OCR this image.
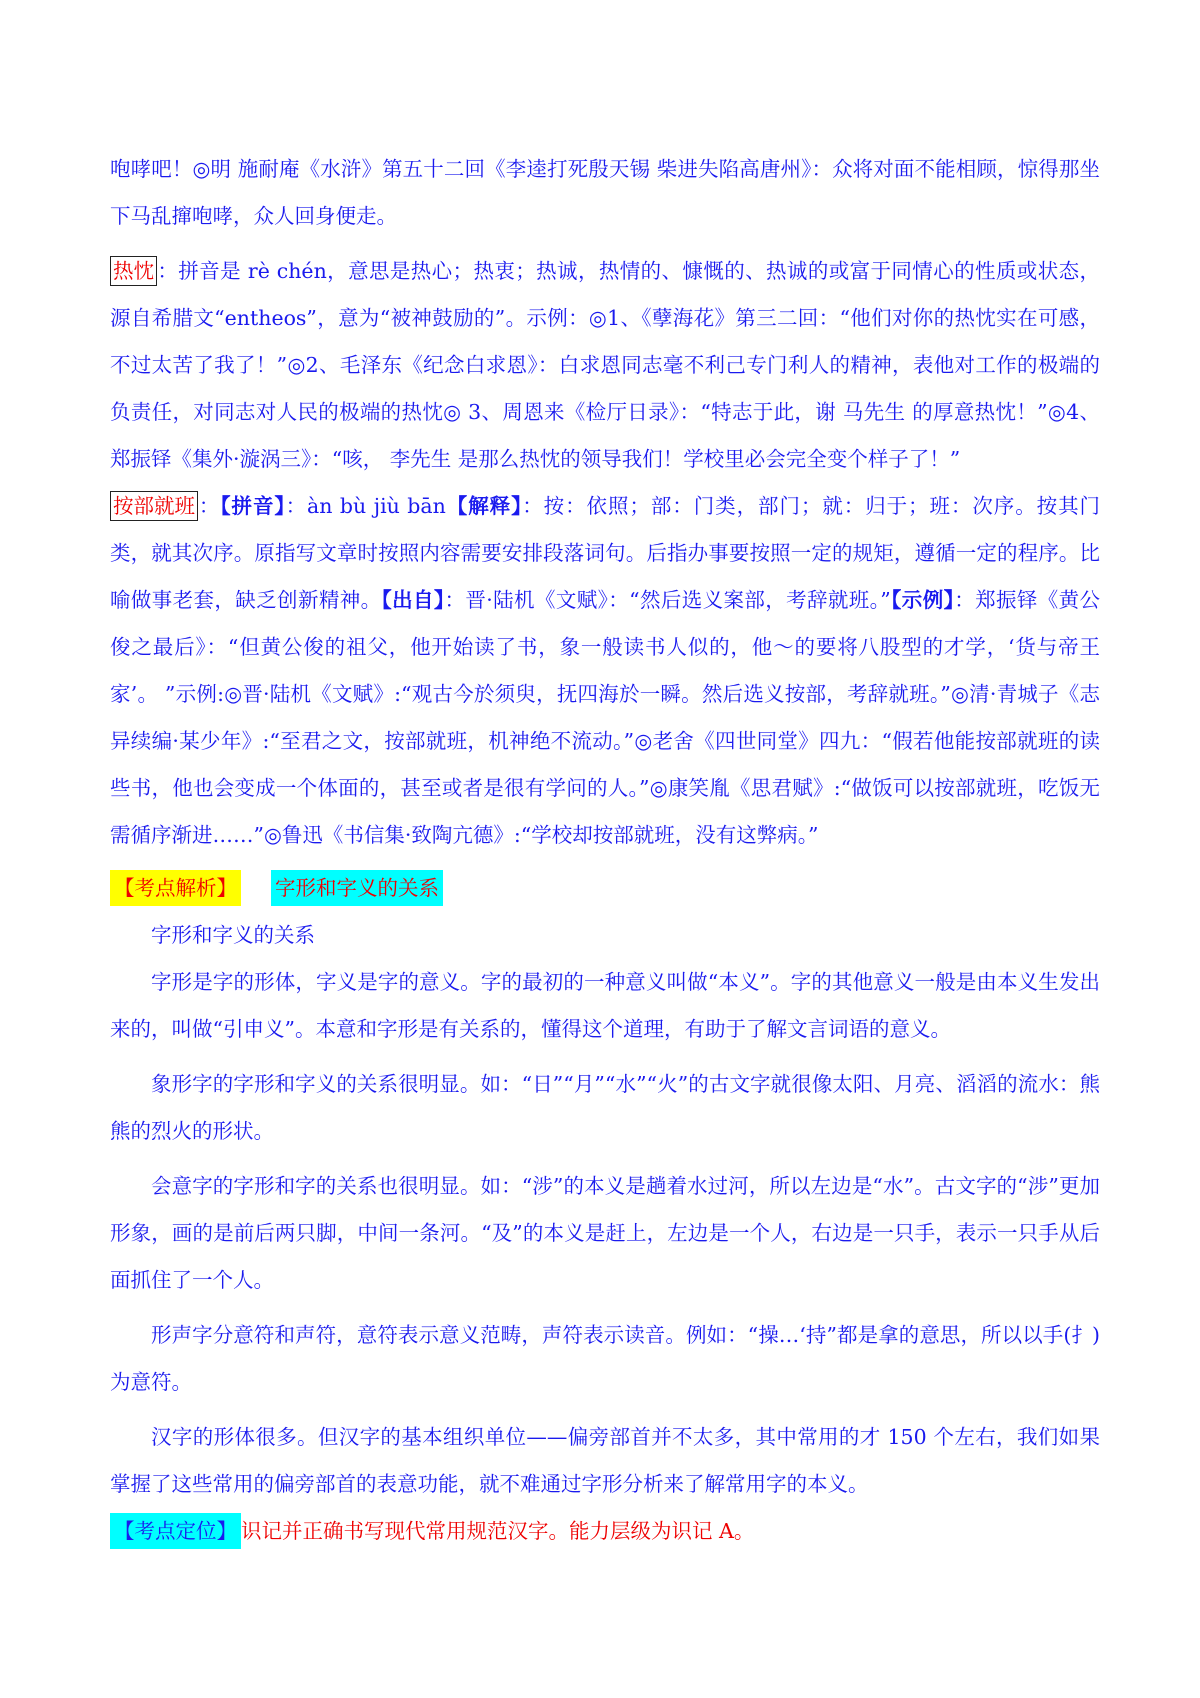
咆哮吧！◎明 施耐庵《水浒》第五十二回《李逵打死殷天锡 柴进失陷高唐州》：众将对面不能相顾，惊得那坐下马乱撺咆哮，众人回身便走。

热忱 ：拼音是 rè chén，意思是热心；热衷；热诚，热情的、慷慨的、热诚的或富于同情心的性质或状态，源自希腊文“entheos”，意为“被神鼓励的”。示例：◎1、《孽海花》第三二回：“他们对你的热忱实在可感，不过太苦了我了！”◎2、毛泽东《纪念白求恩》：白求恩同志毫不利己专门利人的精神，表他对工作的极端的负责任，对同志对人民的极端的热忱◎ 3、周恩来《检厅日录》：“特志于此，谢 马先生 的厚意热忱！”◎4、郑振铎《集外·漩涡三》：“咳， 李先生 是那么热忱的领导我们！学校里必会完全变个样子了！”

按部就班 ：【拼音】：àn bù jiù bān【解释】：按：依照；部：门类，部门；就：归于；班：次序。按其门类，就其次序。原指写文章时按照内容需要安排段落词句。后指办事要按照一定的规矩，遵循一定的程序。比喻做事老套，缺乏创新精神。【出自】：晋·陆机《文赋》：“然后选义案部，考辞就班。”【示例】：郑振铎《黄公俊之最后》：“但黄公俊的祖父，他开始读了书，象一般读书人似的，他～的要将八股型的才学，‘货与帝王家’。 ”示例:◎晋·陆机《文赋》:“观古今於须臾，抚四海於一瞬。然后选义按部，考辞就班。”◎清·青城子《志异续编·某少年》:“至君之文，按部就班，机神绝不流动。”◎老舍《四世同堂》四九：“假若他能按部就班的读些书，他也会变成一个体面的，甚至或者是很有学问的人。”◎康笑胤《思君赋》:“做饭可以按部就班，吃饭无需循序渐进……”◎鲁迅《书信集·致陶亢德》:“学校却按部就班，没有这弊病。”

【考点解析】 字形和字义的关系

字形和字义的关系

字形是字的形体，字义是字的意义。字的最初的一种意义叫做“本义”。字的其他意义一般是由本义生发出来的，叫做“引申义”。本意和字形是有关系的，懂得这个道理，有助于了解文言词语的意义。

象形字的字形和字义的关系很明显。如：“日”“月”“水”“火”的古文字就很像太阳、月亮、滔滔的流水：熊熊的烈火的形状。

会意字的字形和字的关系也很明显。如：“涉”的本义是趟着水过河，所以左边是“水”。古文字的“涉”更加形象，画的是前后两只脚，中间一条河。“及”的本义是赶上，左边是一个人，右边是一只手，表示一只手从后面抓住了一个人。

形声字分意符和声符，意符表示意义范畴，声符表示读音。例如：“操…‘持”都是拿的意思，所以以手(扌)为意符。

汉字的形体很多。但汉字的基本组织单位——偏旁部首并不太多，其中常用的才 150 个左右，我们如果掌握了这些常用的偏旁部首的表意功能，就不难通过字形分析来了解常用字的本义。

【考点定位】 识记并正确书写现代常用规范汉字。能力层级为识记 A。
